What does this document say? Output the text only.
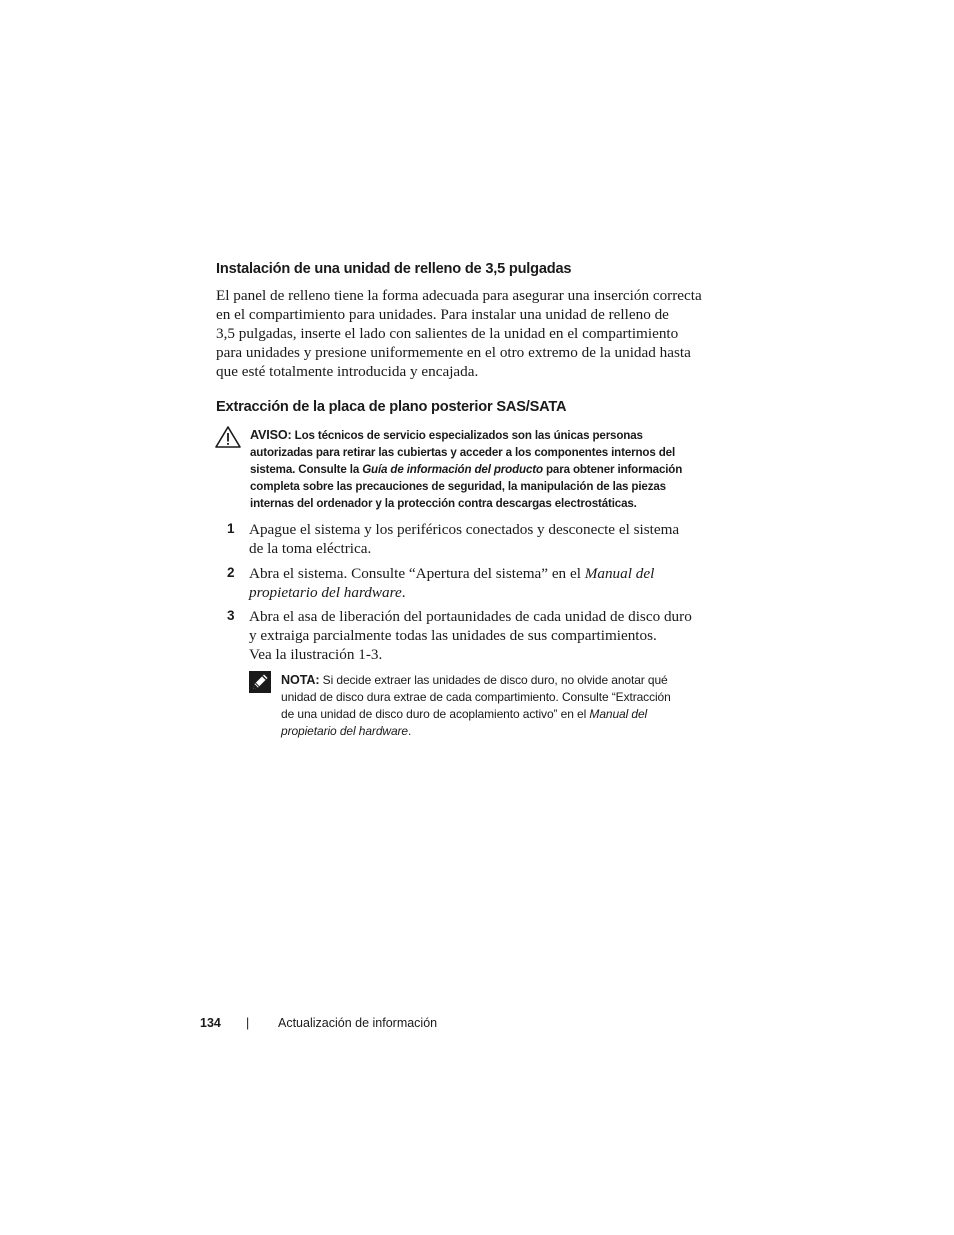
Instalación de una unidad de relleno de 3,5 pulgadas
El panel de relleno tiene la forma adecuada para asegurar una inserción correcta
en el compartimiento para unidades. Para instalar una unidad de relleno de
3,5 pulgadas, inserte el lado con salientes de la unidad en el compartimiento
para unidades y presione uniformemente en el otro extremo de la unidad hasta
que esté totalmente introducida y encajada.
Extracción de la placa de plano posterior SAS/SATA
AVISO: Los técnicos de servicio especializados son las únicas personas
autorizadas para retirar las cubiertas y acceder a los componentes internos del
sistema. Consulte la Guía de información del producto para obtener información
completa sobre las precauciones de seguridad, la manipulación de las piezas
internas del ordenador y la protección contra descargas electrostáticas.
1 Apague el sistema y los periféricos conectados y desconecte el sistema
de la toma eléctrica.
2 Abra el sistema. Consulte “Apertura del sistema” en el Manual del
propietario del hardware.
3 Abra el asa de liberación del portaunidades de cada unidad de disco duro
y extraiga parcialmente todas las unidades de sus compartimientos.
Vea la ilustración 1-3.
NOTA: Si decide extraer las unidades de disco duro, no olvide anotar qué
unidad de disco dura extrae de cada compartimiento. Consulte “Extracción
de una unidad de disco duro de acoplamiento activo” en el Manual del
propietario del hardware.
134 | Actualización de información
